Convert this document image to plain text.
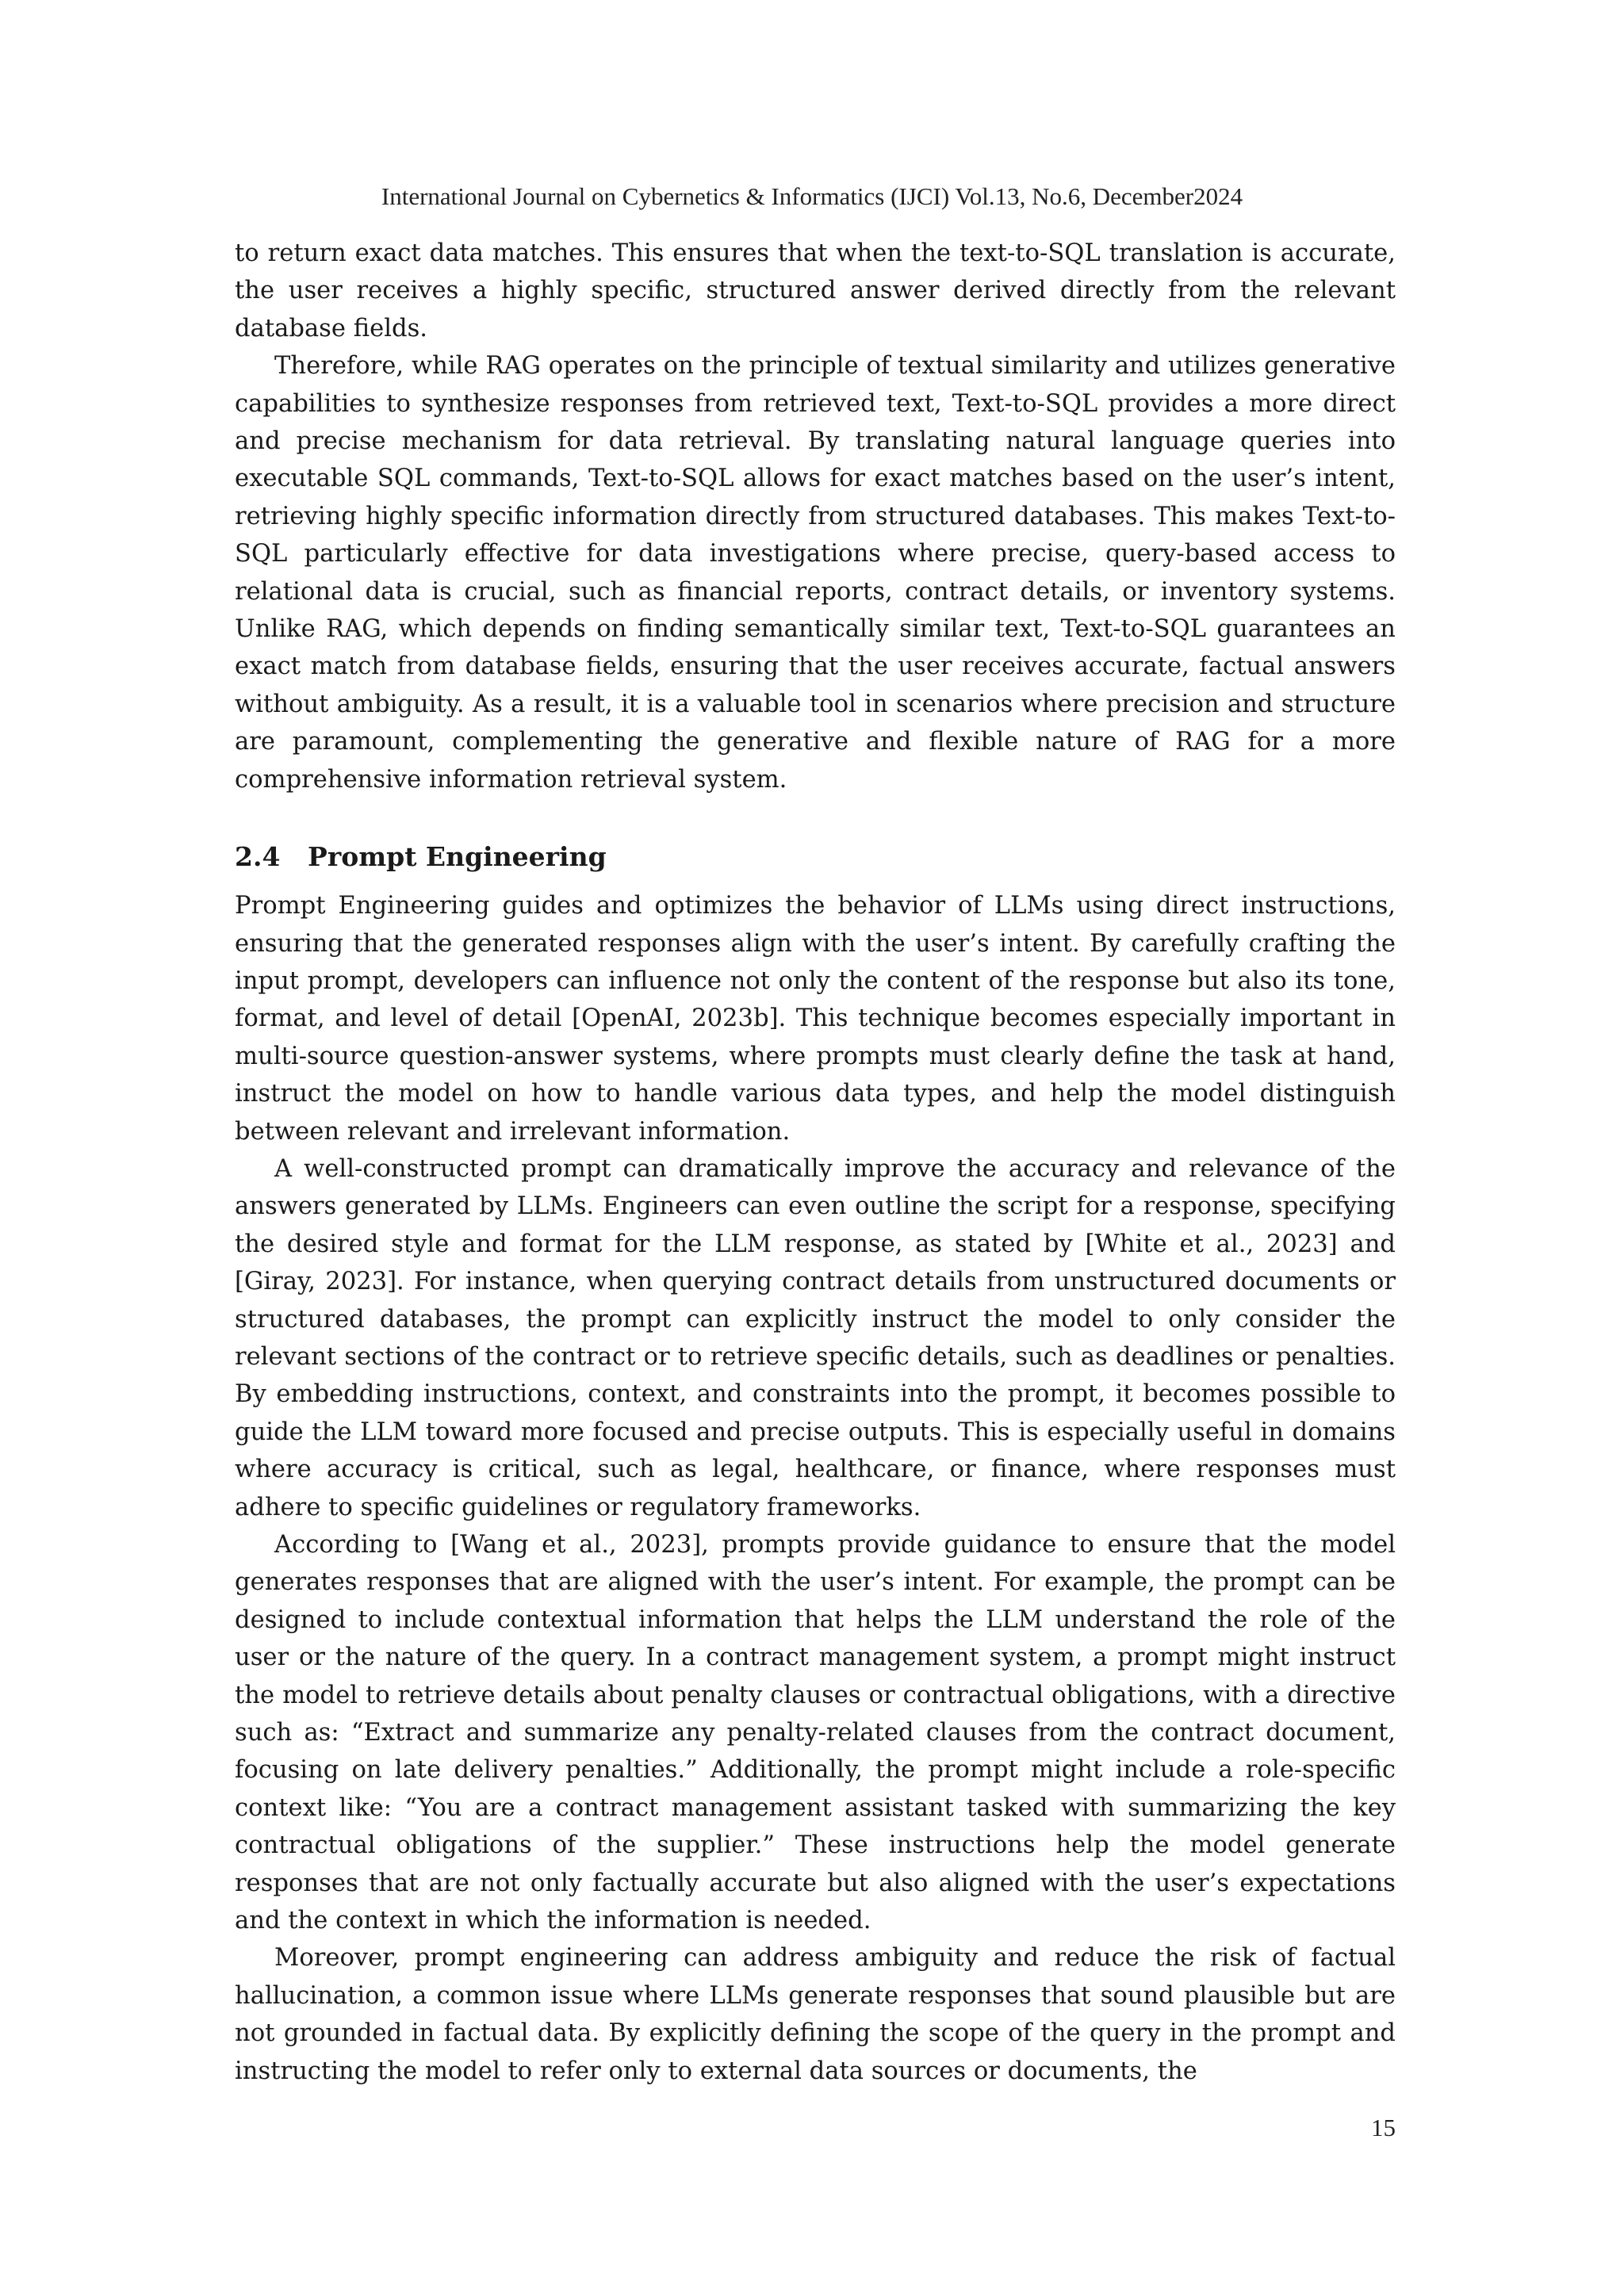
International Journal on Cybernetics & Informatics (IJCI) Vol.13, No.6, December2024

to return exact data matches. This ensures that when the text-to-SQL translation is accurate, the user receives a highly specific, structured answer derived directly from the relevant database fields.

Therefore, while RAG operates on the principle of textual similarity and utilizes generative capabilities to synthesize responses from retrieved text, Text-to-SQL provides a more direct and precise mechanism for data retrieval. By translating natural language queries into executable SQL commands, Text-to-SQL allows for exact matches based on the user’s intent, retrieving highly specific information directly from structured databases. This makes Text-to-SQL particularly effective for data investigations where precise, query-based access to relational data is crucial, such as financial reports, contract details, or inventory systems. Unlike RAG, which depends on finding semantically similar text, Text-to-SQL guarantees an exact match from database fields, ensuring that the user receives accurate, factual answers without ambiguity. As a result, it is a valuable tool in scenarios where precision and structure are paramount, complementing the generative and flexible nature of RAG for a more comprehensive information retrieval system.

2.4 Prompt Engineering

Prompt Engineering guides and optimizes the behavior of LLMs using direct instructions, ensuring that the generated responses align with the user’s intent. By carefully crafting the input prompt, developers can influence not only the content of the response but also its tone, format, and level of detail [OpenAI, 2023b]. This technique becomes especially important in multi-source question-answer systems, where prompts must clearly define the task at hand, instruct the model on how to handle various data types, and help the model distinguish between relevant and irrelevant information.

A well-constructed prompt can dramatically improve the accuracy and relevance of the answers generated by LLMs. Engineers can even outline the script for a response, specifying the desired style and format for the LLM response, as stated by [White et al., 2023] and [Giray, 2023]. For instance, when querying contract details from unstructured documents or structured databases, the prompt can explicitly instruct the model to only consider the relevant sections of the contract or to retrieve specific details, such as deadlines or penalties. By embedding instructions, context, and constraints into the prompt, it becomes possible to guide the LLM toward more focused and precise outputs. This is especially useful in domains where accuracy is critical, such as legal, healthcare, or finance, where responses must adhere to specific guidelines or regulatory frameworks.

According to [Wang et al., 2023], prompts provide guidance to ensure that the model generates responses that are aligned with the user’s intent. For example, the prompt can be designed to include contextual information that helps the LLM understand the role of the user or the nature of the query. In a contract management system, a prompt might instruct the model to retrieve details about penalty clauses or contractual obligations, with a directive such as: “Extract and summarize any penalty-related clauses from the contract document, focusing on late delivery penalties.” Additionally, the prompt might include a role-specific context like: “You are a contract management assistant tasked with summarizing the key contractual obligations of the supplier.” These instructions help the model generate responses that are not only factually accurate but also aligned with the user’s expectations and the context in which the information is needed.

Moreover, prompt engineering can address ambiguity and reduce the risk of factual hallucination, a common issue where LLMs generate responses that sound plausible but are not grounded in factual data. By explicitly defining the scope of the query in the prompt and instructing the model to refer only to external data sources or documents, the

15
